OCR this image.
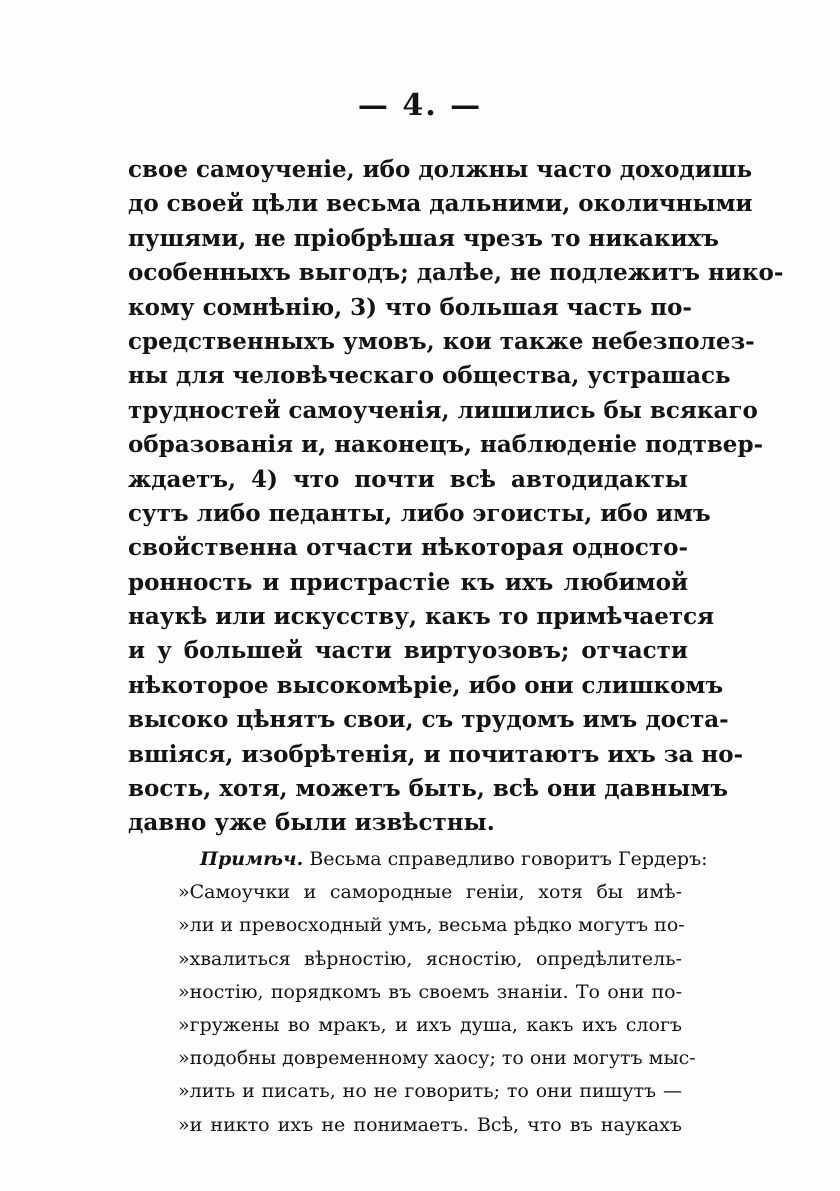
— 4. —
свое самоученіе, ибо должны часто доходишь
до своей цѣли весьма дальними, околичными
пушями, не пріобрѣшая чрезъ то никакихъ
особенныхъ выгодъ; далѣе, не подлежитъ нико-
кому сомнѣнію, 3) что большая часть по-
средственныхъ умовъ, кои также небезполез-
ны для человѣческаго общества, устрашась
трудностей самоученія, лишились бы всякаго
образованія и, наконецъ, наблюденіе подтвер-
ждаетъ, 4) что почти всѣ автодидакты
сутъ либо педанты, либо эгоисты, ибо имъ
свойственна отчасти нѣкоторая односто-
ронность и пристрастіе къ ихъ любимой
наукѣ или искусству, какъ то примѣчается
и у большей части виртуозовъ; отчасти
нѣкоторое высокомѣріе, ибо они слишкомъ
высоко цѣнятъ свои, съ трудомъ имъ доста-
вшіяся, изобрѣтенія, и почитаютъ ихъ за но-
вость, хотя, можетъ быть, всѣ они давнымъ
давно уже были извѣстны.
Примѣч. Весьма справедливо говоритъ Гердеръ:
»Самоучки и самородные геніи, хотя бы имѣ-
»ли и превосходный умъ, весьма рѣдко могутъ по-
»хвалиться вѣрностію, ясностію, опредѣлитель-
»ностію, порядкомъ въ своемъ знаніи. То они по-
»гружены во мракъ, и ихъ душа, какъ ихъ слогъ
»подобны довременному хаосу; то они могутъ мыс-
»лить и писать, но не говорить; то они пишутъ —
»и никто ихъ не понимаетъ. Всѣ, что въ наукахъ
